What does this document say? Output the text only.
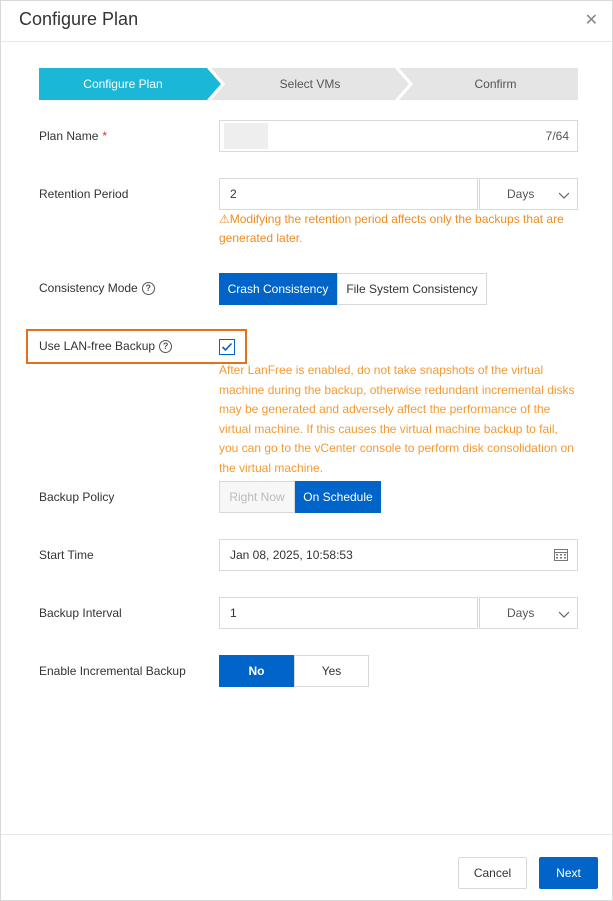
Configure Plan	✕
Configure Plan	Select VMs	Confirm
Plan Name *	7/64
Retention Period	2	Days
⚠Modifying the retention period affects only the backups that are
generated later.
Consistency Mode ?	Crash Consistency	File System Consistency
Use LAN-free Backup ?
After LanFree is enabled, do not take snapshots of the virtual
machine during the backup, otherwise redundant incremental disks
may be generated and adversely affect the performance of the
virtual machine. If this causes the virtual machine backup to fail,
you can go to the vCenter console to perform disk consolidation on
the virtual machine.
Backup Policy	Right Now	On Schedule
Start Time	Jan 08, 2025, 10:58:53
Backup Interval	1	Days
Enable Incremental Backup	No	Yes
Cancel	Next
